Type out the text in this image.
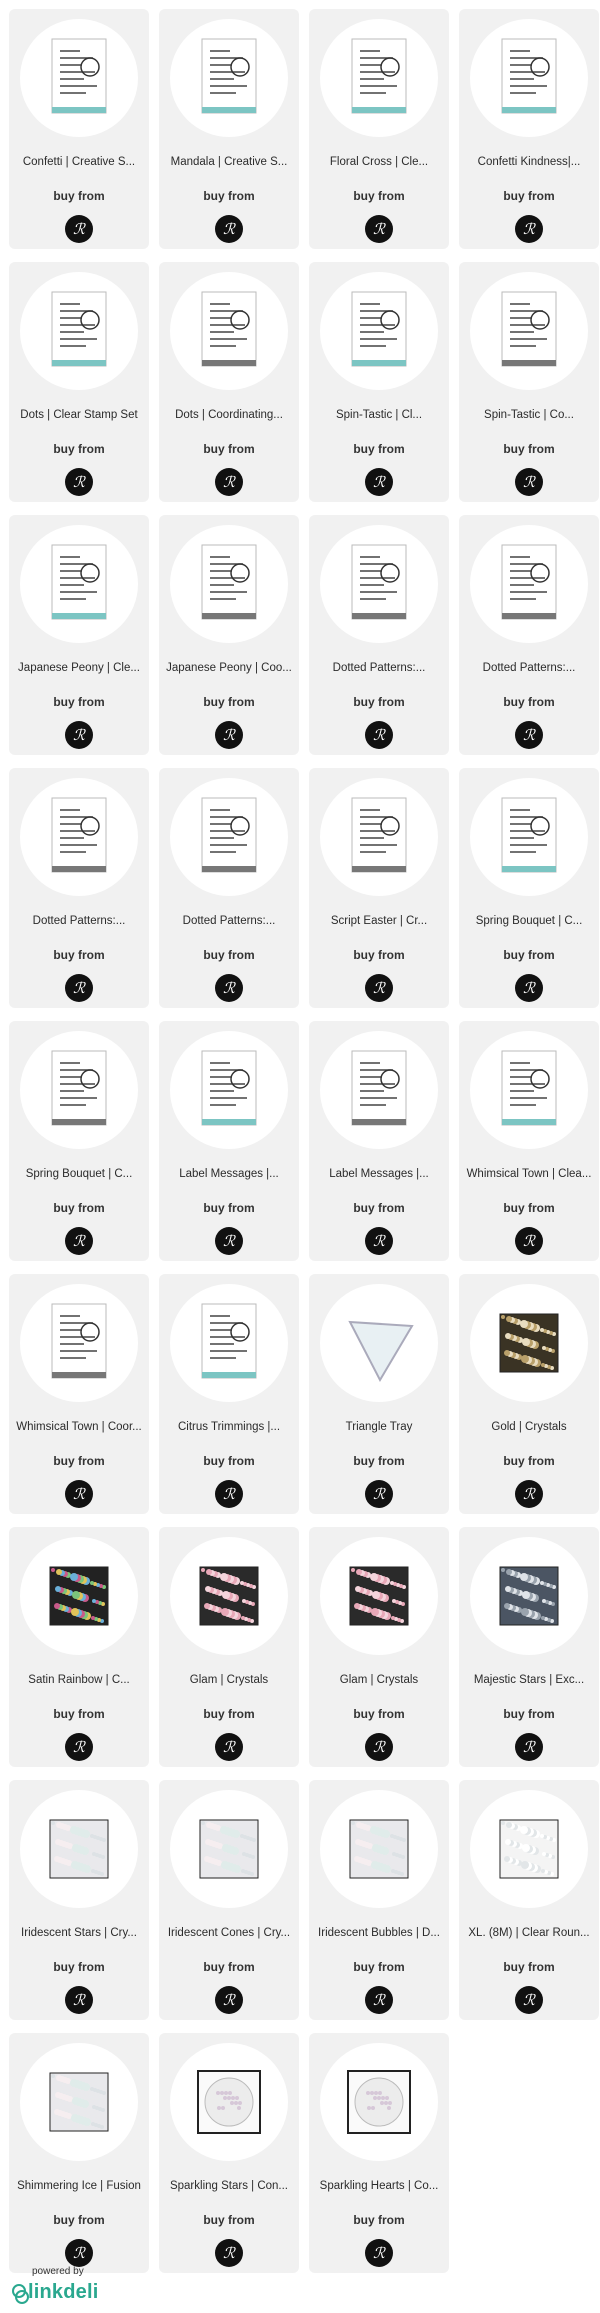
Confetti | Creative S...
buy from
ℛ
Mandala | Creative S...
buy from
ℛ
Floral Cross | Cle...
buy from
ℛ
Confetti Kindness|...
buy from
ℛ
Dots | Clear Stamp Set
buy from
ℛ
Dots | Coordinating...
buy from
ℛ
Spin-Tastic | Cl...
buy from
ℛ
Spin-Tastic | Co...
buy from
ℛ
Japanese Peony | Cle...
buy from
ℛ
Japanese Peony | Coo...
buy from
ℛ
Dotted Patterns:...
buy from
ℛ
Dotted Patterns:...
buy from
ℛ
Dotted Patterns:...
buy from
ℛ
Dotted Patterns:...
buy from
ℛ
Script Easter | Cr...
buy from
ℛ
Spring Bouquet | C...
buy from
ℛ
Spring Bouquet | C...
buy from
ℛ
Label Messages |...
buy from
ℛ
Label Messages |...
buy from
ℛ
Whimsical Town | Clea...
buy from
ℛ
Whimsical Town | Coor...
buy from
ℛ
Citrus Trimmings |...
buy from
ℛ
Triangle Tray
buy from
ℛ
Gold | Crystals
buy from
ℛ
Satin Rainbow | C...
buy from
ℛ
Glam | Crystals
buy from
ℛ
Glam | Crystals
buy from
ℛ
Majestic Stars | Exc...
buy from
ℛ
Iridescent Stars | Cry...
buy from
ℛ
Iridescent Cones | Cry...
buy from
ℛ
Iridescent Bubbles | D...
buy from
ℛ
XL. (8M) | Clear Roun...
buy from
ℛ
Shimmering Ice | Fusion
buy from
ℛ
Sparkling Stars | Con...
buy from
ℛ
Sparkling Hearts | Co...
buy from
ℛ
powered by
linkdeli
